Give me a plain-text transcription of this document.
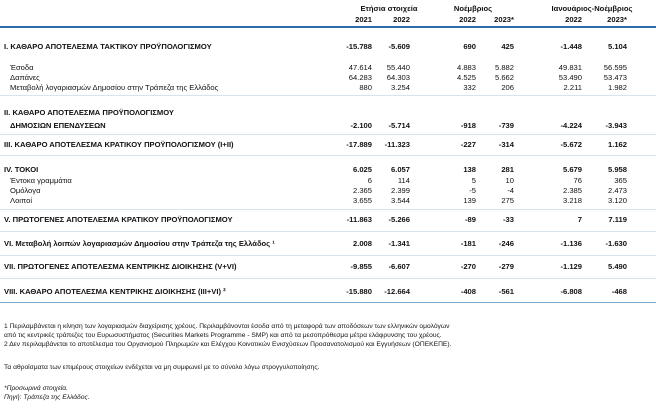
Ετήσια στοιχεία	Νοέμβριος	Ιανουάριος-Νοέμβριος
2021	2022	2022	2023*	2022	2023*
I. ΚΑΘΑΡΟ ΑΠΟΤΕΛΕΣΜΑ ΤΑΚΤΙΚΟΥ ΠΡΟΫΠΟΛΟΓΙΣΜΟΥ	-15.788	-5.609	690	425	-1.448	5.104
Έσοδα	47.614	55.440	4.883	5.882	49.831	56.595
Δαπάνες	64.283	64.303	4.525	5.662	53.490	53.473
Μεταβολή λογαριασμών Δημοσίου στην Τράπεζα της Ελλάδος	880	3.254	332	206	2.211	1.982
II. ΚΑΘΑΡΟ ΑΠΟΤΕΛΕΣΜΑ ΠΡΟΫΠΟΛΟΓΙΣΜΟΥ
ΔΗΜΟΣΙΩΝ ΕΠΕΝΔΥΣΕΩΝ	-2.100	-5.714	-918	-739	-4.224	-3.943
III. ΚΑΘΑΡΟ ΑΠΟΤΕΛΕΣΜΑ ΚΡΑΤΙΚΟΥ ΠΡΟΫΠΟΛΟΓΙΣΜΟΥ (I+II)	-17.889	-11.323	-227	-314	-5.672	1.162
IV. ΤΟΚΟΙ	6.025	6.057	138	281	5.679	5.958
Έντοκα γραμμάτια	6	114	5	10	76	365
Ομόλογα	2.365	2.399	-5	-4	2.385	2.473
Λοιποί	3.655	3.544	139	275	3.218	3.120
V. ΠΡΩΤΟΓΕΝΕΣ ΑΠΟΤΕΛΕΣΜΑ ΚΡΑΤΙΚΟΥ ΠΡΟΫΠΟΛΟΓΙΣΜΟΥ	-11.863	-5.266	-89	-33	7	7.119
VI. Μεταβολή λοιπών λογαριασμών Δημοσίου στην Τράπεζα της Ελλάδος ¹	2.008	-1.341	-181	-246	-1.136	-1.630
VII. ΠΡΩΤΟΓΕΝΕΣ ΑΠΟΤΕΛΕΣΜΑ ΚΕΝΤΡΙΚΗΣ ΔΙΟΙΚΗΣΗΣ (V+VI)	-9.855	-6.607	-270	-279	-1.129	5.490
VIII. ΚΑΘΑΡΟ ΑΠΟΤΕΛΕΣΜΑ ΚΕΝΤΡΙΚΗΣ ΔΙΟΙΚΗΣΗΣ (III+VI) ²	-15.880	-12.664	-408	-561	-6.808	-468
1 Περιλαμβάνεται η κίνηση των λογαριασμών διαχείρισης χρέους. Περιλαμβάνονται έσοδα από τη μεταφορά των αποδόσεων των ελληνικών ομολόγων
από τις κεντρικές τράπεζες του Ευρωσυστήματος (Securities Markets Programme - SMP) και από τα μεσοπρόθεσμα μέτρα ελάφρυνσης του χρέους.
2 Δεν περιλαμβάνεται το αποτέλεσμα του Οργανισμού Πληρωμών και Ελέγχου Κοινοτικών Ενισχύσεων Προσανατολισμού και Εγγυήσεων (ΟΠΕΚΕΠΕ).
Τα αθροίσματα των επιμέρους στοιχείων ενδέχεται να μη συμφωνεί με το σύνολο λόγω στρογγυλοποίησης.
*Προσωρινά στοιχεία.
Πηγή: Τράπεζα της Ελλάδος.
